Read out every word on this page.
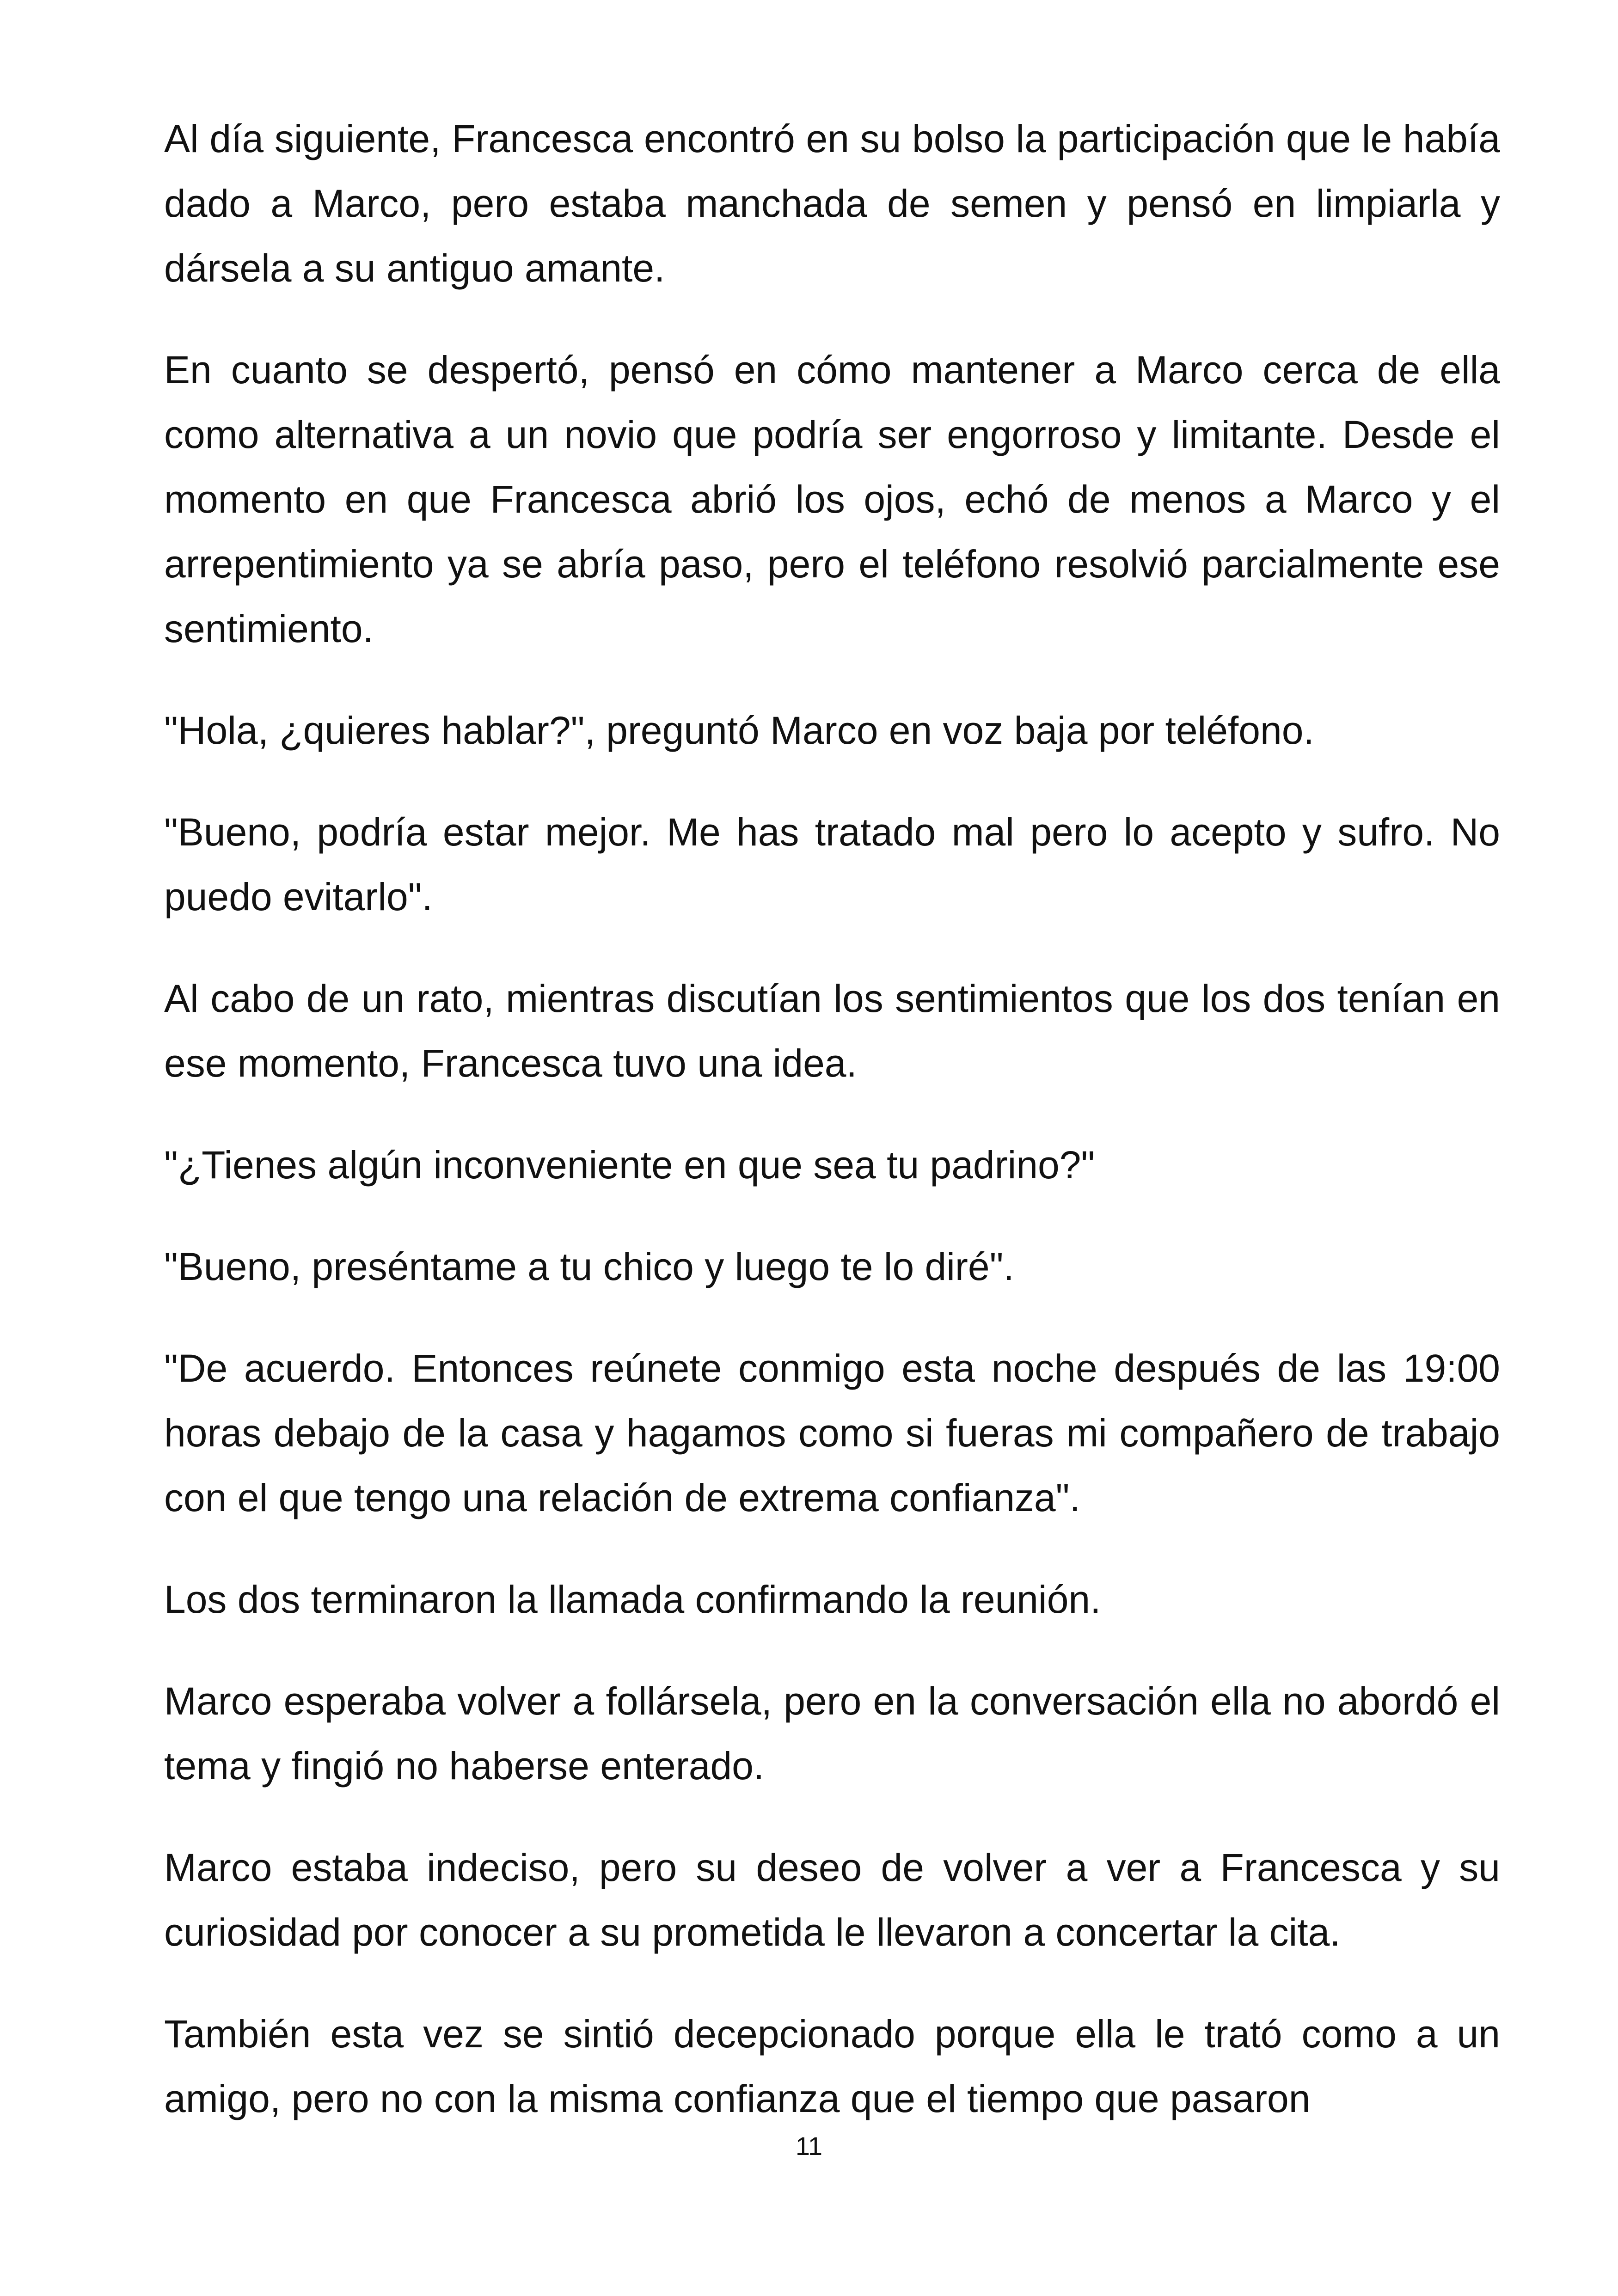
Al día siguiente, Francesca encontró en su bolso la participación que le había dado a Marco, pero estaba manchada de semen y pensó en limpiarla y dársela a su antiguo amante.

En cuanto se despertó, pensó en cómo mantener a Marco cerca de ella como alternativa a un novio que podría ser engorroso y limitante. Desde el momento en que Francesca abrió los ojos, echó de menos a Marco y el arrepentimiento ya se abría paso, pero el teléfono resolvió parcialmente ese sentimiento.

"Hola, ¿quieres hablar?", preguntó Marco en voz baja por teléfono.

"Bueno, podría estar mejor. Me has tratado mal pero lo acepto y sufro. No puedo evitarlo".

Al cabo de un rato, mientras discutían los sentimientos que los dos tenían en ese momento, Francesca tuvo una idea.

"¿Tienes algún inconveniente en que sea tu padrino?"

"Bueno, preséntame a tu chico y luego te lo diré".

"De acuerdo. Entonces reúnete conmigo esta noche después de las 19:00 horas debajo de la casa y hagamos como si fueras mi compañero de trabajo con el que tengo una relación de extrema confianza".

Los dos terminaron la llamada confirmando la reunión.

Marco esperaba volver a follársela, pero en la conversación ella no abordó el tema y fingió no haberse enterado.

Marco estaba indeciso, pero su deseo de volver a ver a Francesca y su curiosidad por conocer a su prometida le llevaron a concertar la cita.

También esta vez se sintió decepcionado porque ella le trató como a un amigo, pero no con la misma confianza que el tiempo que pasaron

11
